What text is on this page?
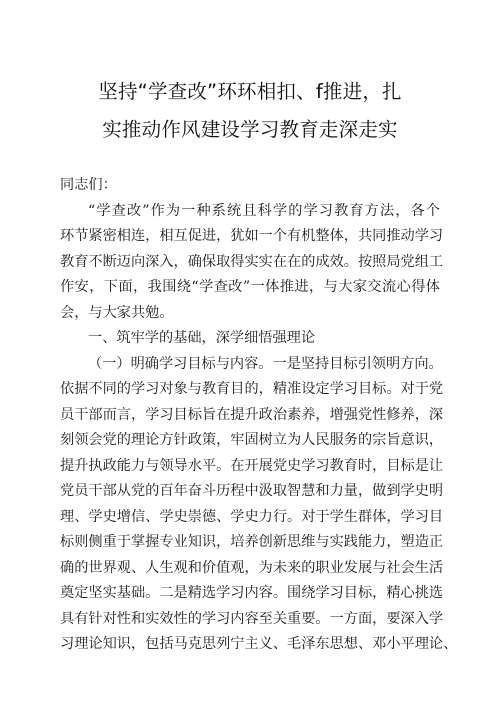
坚持“学查改”环环相扣、f推进，扎
实推动作风建设学习教育走深走实
同志们：
“学查改”作为一种系统且科学的学习教育方法，各个
环节紧密相连，相互促进，犹如一个有机整体，共同推动学习
教育不断迈向深入，确保取得实实在在的成效。按照局党组工
作安，下面，我围绕“学查改”一体推进，与大家交流心得体
会，与大家共勉。
一、筑牢学的基础，深学细悟强理论
（一）明确学习目标与内容。一是坚持目标引领明方向。
依据不同的学习对象与教育目的，精准设定学习目标。对于党
员干部而言，学习目标旨在提升政治素养，增强党性修养，深
刻领会党的理论方针政策，牢固树立为人民服务的宗旨意识，
提升执政能力与领导水平。在开展党史学习教育时，目标是让
党员干部从党的百年奋斗历程中汲取智慧和力量，做到学史明
理、学史增信、学史崇德、学史力行。对于学生群体，学习目
标则侧重于掌握专业知识，培养创新思维与实践能力，塑造正
确的世界观、人生观和价值观，为未来的职业发展与社会生活
奠定坚实基础。二是精选学习内容。围绕学习目标，精心挑选
具有针对性和实效性的学习内容至关重要。一方面，要深入学
习理论知识，包括马克思列宁主义、毛泽东思想、邓小平理论、
